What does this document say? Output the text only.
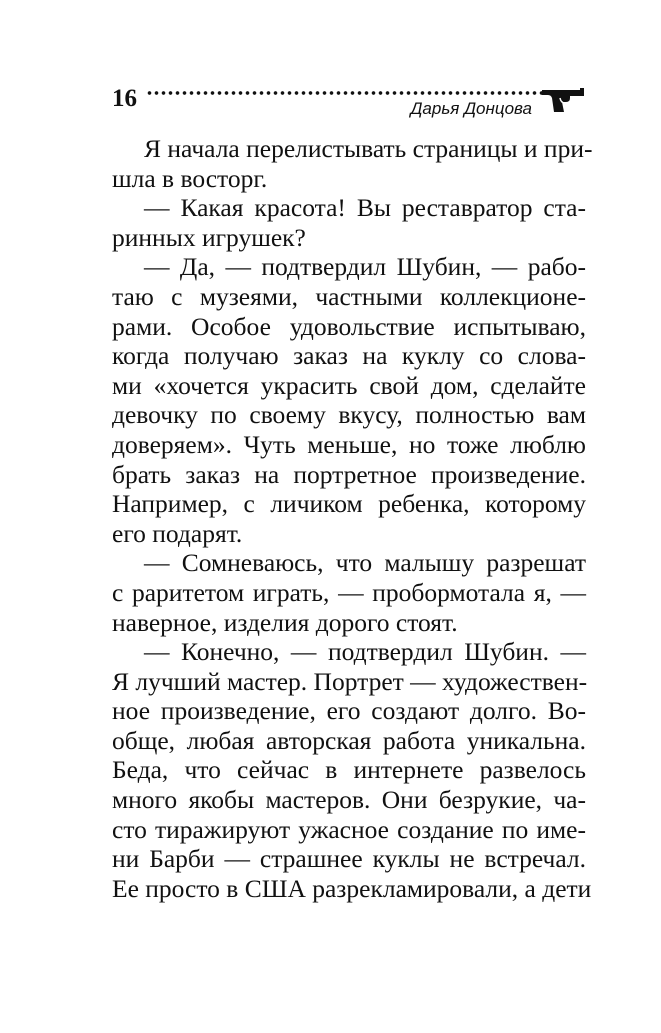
16	Дарья Донцова
Я начала перелистывать страницы и при-
шла в восторг.
— Какая красота! Вы реставратор ста-
ринных игрушек?
— Да, — подтвердил Шубин, — рабо-
таю с музеями, частными коллекционе-
рами. Особое удовольствие испытываю,
когда получаю заказ на куклу со слова-
ми «хочется украсить свой дом, сделайте
девочку по своему вкусу, полностью вам
доверяем». Чуть меньше, но тоже люблю
брать заказ на портретное произведение.
Например, с личиком ребенка, которому
его подарят.
— Сомневаюсь, что малышу разрешат
с раритетом играть, — пробормотала я, —
наверное, изделия дорого стоят.
— Конечно, — подтвердил Шубин. —
Я лучший мастер. Портрет — художествен-
ное произведение, его создают долго. Во-
обще, любая авторская работа уникальна.
Беда, что сейчас в интернете развелось
много якобы мастеров. Они безрукие, ча-
сто тиражируют ужасное создание по име-
ни Барби — страшнее куклы не встречал.
Ее просто в США разрекламировали, а дети
